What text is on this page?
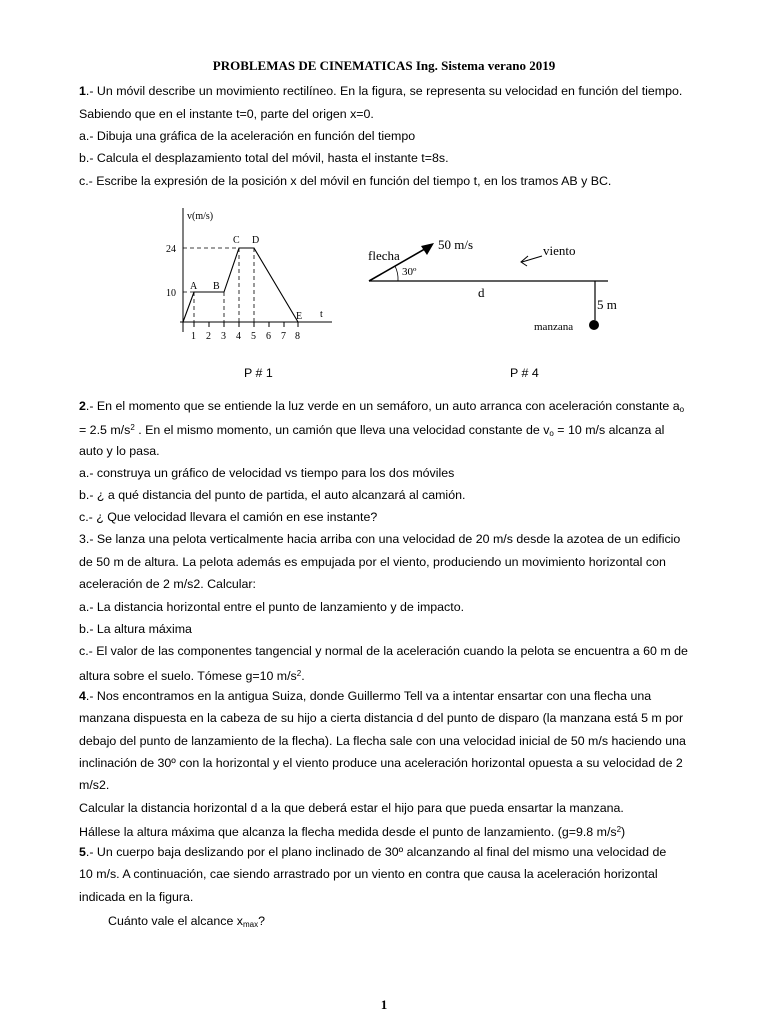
PROBLEMAS DE CINEMATICAS Ing. Sistema verano 2019
1.- Un móvil describe un movimiento rectilíneo. En la figura, se representa su velocidad en función del tiempo.
Sabiendo que en el instante t=0, parte del origen x=0.
a.- Dibuja una gráfica de la aceleración en función del tiempo
b.- Calcula el desplazamiento total del móvil, hasta el instante t=8s.
c.- Escribe la expresión de la posición x del móvil en función del tiempo t, en los tramos AB y BC.
v(m/s)
t
24
10
1 2 3 4 5 6 7 8
A B
C D
E
flecha
50 m/s
30º
viento
d
5 m
manzana
P # 1	P # 4
2.- En el momento que se entiende la luz verde en un semáforo, un auto arranca con aceleración constante $a_o$
= 2.5 $m/s^2$ . En el mismo momento, un camión que lleva una velocidad constante de $v_o = 10$ m/s alcanza al
auto y lo pasa.
a.- construya un gráfico de velocidad vs tiempo para los dos móviles
b.- ¿ a qué distancia del punto de partida, el auto alcanzará al camión.
c.- ¿ Que velocidad llevara el camión en ese instante?
3.- Se lanza una pelota verticalmente hacia arriba con una velocidad de 20 m/s desde la azotea de un edificio
de 50 m de altura. La pelota además es empujada por el viento, produciendo un movimiento horizontal con
aceleración de 2 m/s2. Calcular:
a.- La distancia horizontal entre el punto de lanzamiento y de impacto.
b.- La altura máxima
c.- El valor de las componentes tangencial y normal de la aceleración cuando la pelota se encuentra a 60 m de
altura sobre el suelo. Tómese g=10 $m/s^2$.
4.- Nos encontramos en la antigua Suiza, donde Guillermo Tell va a intentar ensartar con una flecha una
manzana dispuesta en la cabeza de su hijo a cierta distancia d del punto de disparo (la manzana está 5 m por
debajo del punto de lanzamiento de la flecha). La flecha sale con una velocidad inicial de 50 m/s haciendo una
inclinación de 30º con la horizontal y el viento produce una aceleración horizontal opuesta a su velocidad de 2
m/s2.
Calcular la distancia horizontal d a la que deberá estar el hijo para que pueda ensartar la manzana.
Hállese la altura máxima que alcanza la flecha medida desde el punto de lanzamiento. (g=9.8 $m/s^2$)
5.- Un cuerpo baja deslizando por el plano inclinado de 30º alcanzando al final del mismo una velocidad de
10 m/s. A continuación, cae siendo arrastrado por un viento en contra que causa la aceleración horizontal
indicada en la figura.
Cuánto vale el alcance $x_{max}$?
1
